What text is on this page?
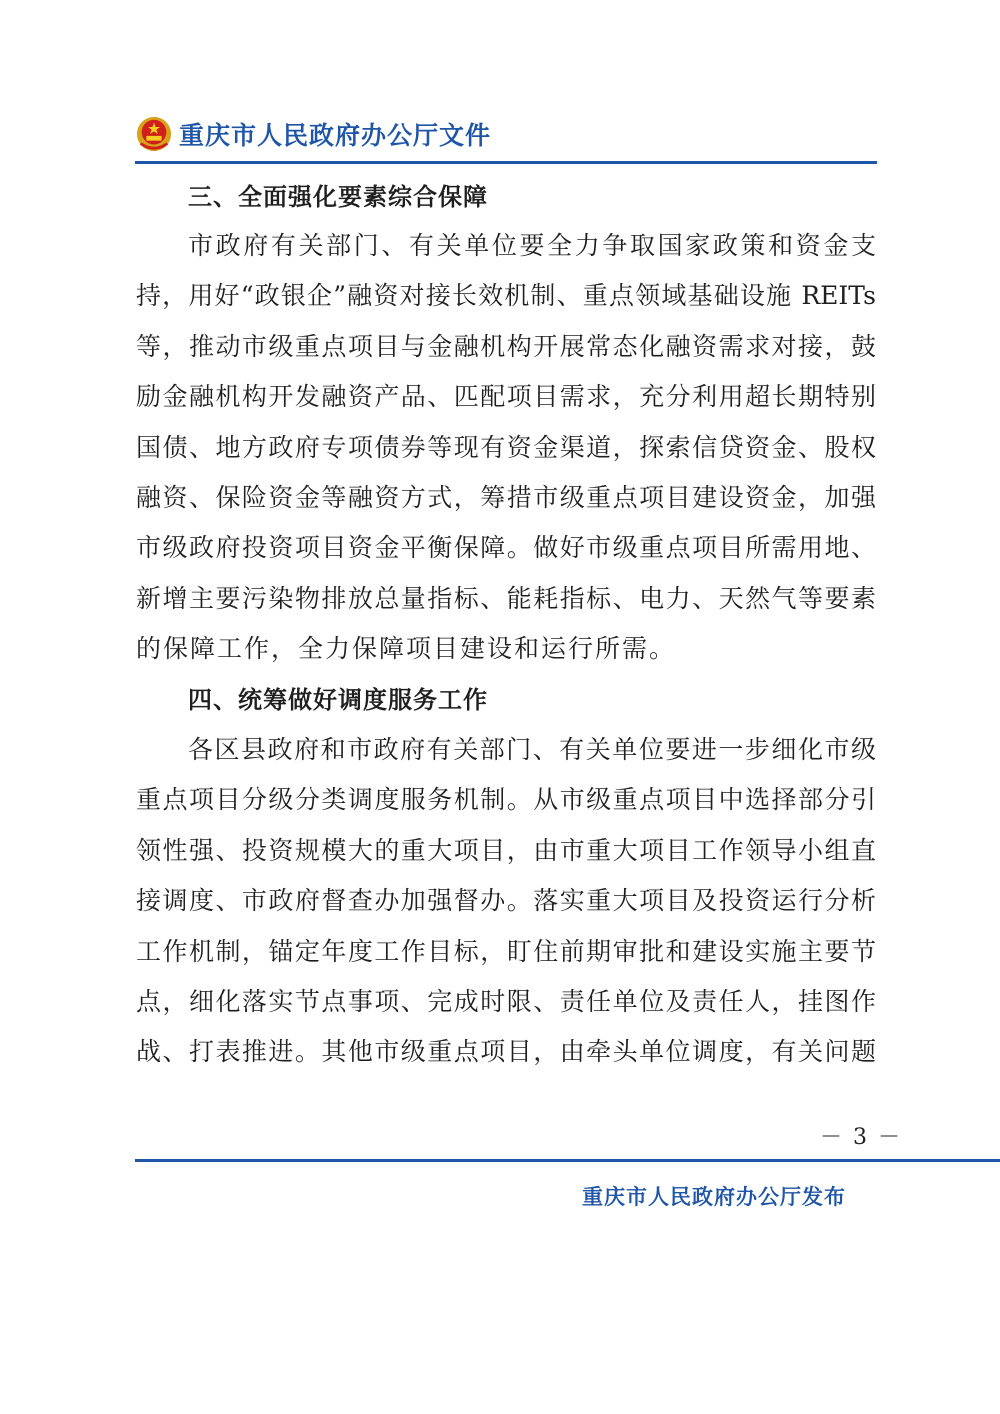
重庆市人民政府办公厅文件
三、全面强化要素综合保障
市政府有关部门、有关单位要全力争取国家政策和资金支
持，用好“政银企”融资对接长效机制、重点领域基础设施 REITs
等，推动市级重点项目与金融机构开展常态化融资需求对接，鼓
励金融机构开发融资产品、匹配项目需求，充分利用超长期特别
国债、地方政府专项债券等现有资金渠道，探索信贷资金、股权
融资、保险资金等融资方式，筹措市级重点项目建设资金，加强
市级政府投资项目资金平衡保障。做好市级重点项目所需用地、
新增主要污染物排放总量指标、能耗指标、电力、天然气等要素
的保障工作，全力保障项目建设和运行所需。
四、统筹做好调度服务工作
各区县政府和市政府有关部门、有关单位要进一步细化市级
重点项目分级分类调度服务机制。从市级重点项目中选择部分引
领性强、投资规模大的重大项目，由市重大项目工作领导小组直
接调度、市政府督查办加强督办。落实重大项目及投资运行分析
工作机制，锚定年度工作目标，盯住前期审批和建设实施主要节
点，细化落实节点事项、完成时限、责任单位及责任人，挂图作
战、打表推进。其他市级重点项目，由牵头单位调度，有关问题
－ 3 －
重庆市人民政府办公厅发布
